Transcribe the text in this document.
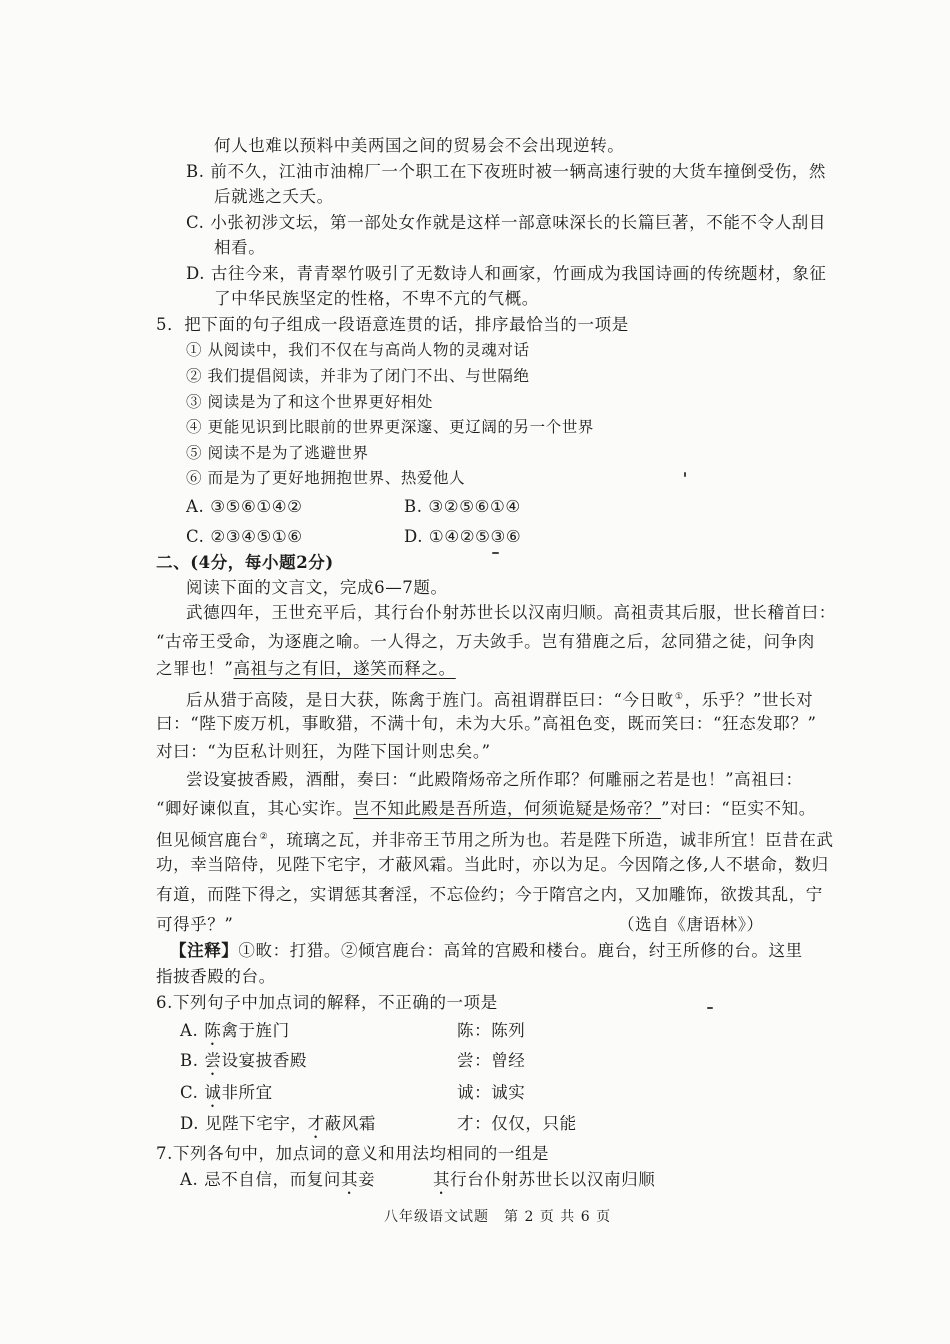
何人也难以预料中美两国之间的贸易会不会出现逆转。
B. 前不久，江油市油棉厂一个职工在下夜班时被一辆高速行驶的大货车撞倒受伤，然
后就逃之夭夭。
C. 小张初涉文坛，第一部处女作就是这样一部意味深长的长篇巨著，不能不令人刮目
相看。
D. 古往今来，青青翠竹吸引了无数诗人和画家，竹画成为我国诗画的传统题材，象征
了中华民族坚定的性格，不卑不亢的气概。
5．把下面的句子组成一段语意连贯的话，排序最恰当的一项是
① 从阅读中，我们不仅在与高尚人物的灵魂对话
② 我们提倡阅读，并非为了闭门不出、与世隔绝
③ 阅读是为了和这个世界更好相处
④ 更能见识到比眼前的世界更深邃、更辽阔的另一个世界
⑤ 阅读不是为了逃避世界
⑥ 而是为了更好地拥抱世界、热爱他人
A. ③⑤⑥①④②	B. ③②⑤⑥①④
C. ②③④⑤①⑥	D. ①④②⑤③⑥
二、(4分，每小题2分)
阅读下面的文言文，完成6—7题。
武德四年，王世充平后，其行台仆射苏世长以汉南归顺。高祖责其后服，世长稽首曰：
“古帝王受命，为逐鹿之喻。一人得之，万夫敛手。岂有猎鹿之后，忿同猎之徒，问争肉
之罪也！”高祖与之有旧，遂笑而释之。
后从猎于高陵，是日大获，陈禽于旌门。高祖谓群臣曰：“今日畋①，乐乎？”世长对
曰：“陛下废万机，事畋猎，不满十旬，未为大乐。”高祖色变，既而笑曰：“狂态发耶？”
对曰：“为臣私计则狂，为陛下国计则忠矣。”
尝设宴披香殿，酒酣，奏曰：“此殿隋炀帝之所作耶？何雕丽之若是也！”高祖曰：
“卿好谏似直，其心实诈。岂不知此殿是吾所造，何须诡疑是炀帝？”对曰：“臣实不知。
但见倾宫鹿台②，琉璃之瓦，并非帝王节用之所为也。若是陛下所造，诚非所宜！臣昔在武
功，幸当陪侍，见陛下宅宇，才蔽风霜。当此时，亦以为足。今因隋之侈,人不堪命，数归
有道，而陛下得之，实谓惩其奢淫，不忘俭约；今于隋宫之内，又加雕饰，欲拨其乱，宁
可得乎？”	（选自《唐语林》）
【注释】①畋：打猎。②倾宫鹿台：高耸的宫殿和楼台。鹿台，纣王所修的台。这里
指披香殿的台。
6.下列句子中加点词的解释，不正确的一项是
A. 陈禽于旌门	陈：陈列
B. 尝设宴披香殿	尝：曾经
C. 诚非所宜	诚：诚实
D. 见陛下宅宇，才蔽风霜	才：仅仅，只能
7.下列各句中，加点词的意义和用法均相同的一组是
A. 忌不自信，而复问其妾	其行台仆射苏世长以汉南归顺
八年级语文试题　第 2 页 共 6 页
